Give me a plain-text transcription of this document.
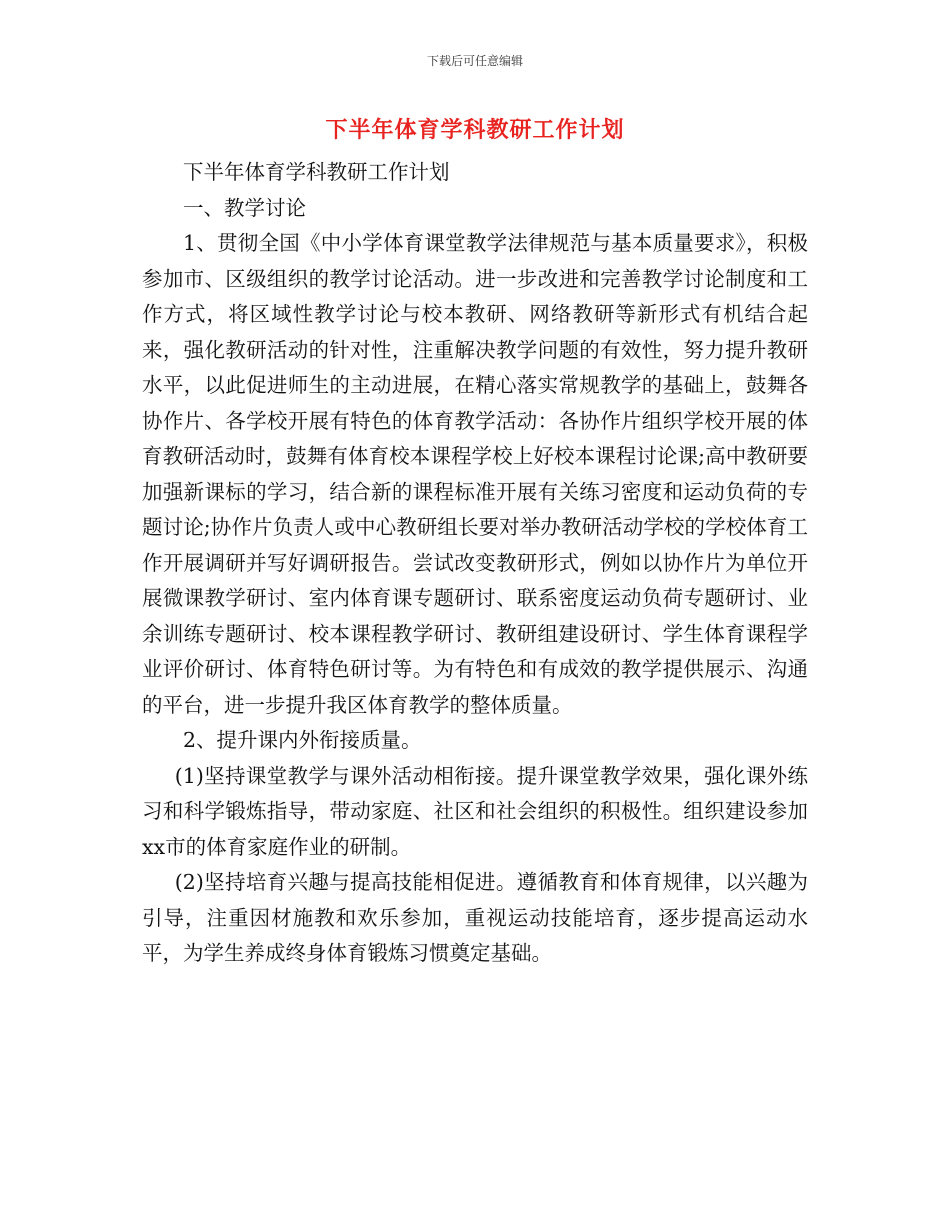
下载后可任意编辑
下半年体育学科教研工作计划

下半年体育学科教研工作计划

一、教学讨论

1、贯彻全国《中小学体育课堂教学法律规范与基本质量要求》，积极参加市、区级组织的教学讨论活动。进一步改进和完善教学讨论制度和工作方式，将区域性教学讨论与校本教研、网络教研等新形式有机结合起来，强化教研活动的针对性，注重解决教学问题的有效性，努力提升教研水平，以此促进师生的主动进展，在精心落实常规教学的基础上，鼓舞各协作片、各学校开展有特色的体育教学活动：各协作片组织学校开展的体育教研活动时，鼓舞有体育校本课程学校上好校本课程讨论课;高中教研要加强新课标的学习，结合新的课程标准开展有关练习密度和运动负荷的专题讨论;协作片负责人或中心教研组长要对举办教研活动学校的学校体育工作开展调研并写好调研报告。尝试改变教研形式，例如以协作片为单位开展微课教学研讨、室内体育课专题研讨、联系密度运动负荷专题研讨、业余训练专题研讨、校本课程教学研讨、教研组建设研讨、学生体育课程学业评价研讨、体育特色研讨等。为有特色和有成效的教学提供展示、沟通的平台，进一步提升我区体育教学的整体质量。

2、提升课内外衔接质量。

(1)坚持课堂教学与课外活动相衔接。提升课堂教学效果，强化课外练习和科学锻炼指导，带动家庭、社区和社会组织的积极性。组织建设参加xx市的体育家庭作业的研制。

(2)坚持培育兴趣与提高技能相促进。遵循教育和体育规律，以兴趣为引导，注重因材施教和欢乐参加，重视运动技能培育，逐步提高运动水平，为学生养成终身体育锻炼习惯奠定基础。
